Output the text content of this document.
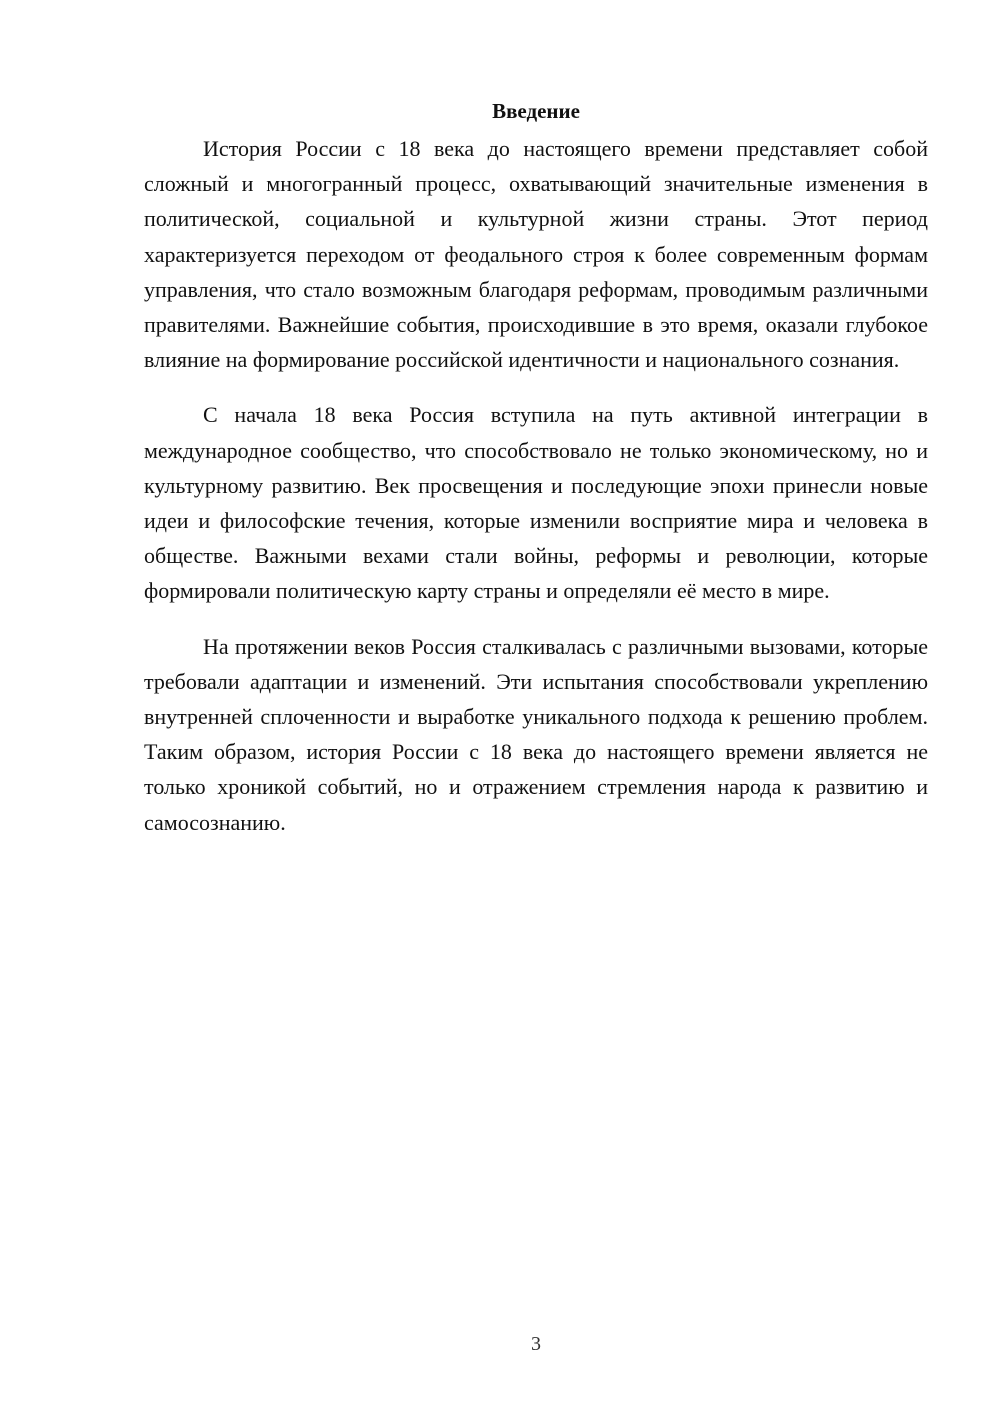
Введение

История России с 18 века до настоящего времени представляет собой сложный и многогранный процесс, охватывающий значительные изменения в политической, социальной и культурной жизни страны. Этот период характеризуется переходом от феодального строя к более современным формам управления, что стало возможным благодаря реформам, проводимым различными правителями. Важнейшие события, происходившие в это время, оказали глубокое влияние на формирование российской идентичности и национального сознания.

С начала 18 века Россия вступила на путь активной интеграции в международное сообщество, что способствовало не только экономическому, но и культурному развитию. Век просвещения и последующие эпохи принесли новые идеи и философские течения, которые изменили восприятие мира и человека в обществе. Важными вехами стали войны, реформы и революции, которые формировали политическую карту страны и определяли её место в мире.

На протяжении веков Россия сталкивалась с различными вызовами, которые требовали адаптации и изменений. Эти испытания способствовали укреплению внутренней сплоченности и выработке уникального подхода к решению проблем. Таким образом, история России с 18 века до настоящего времени является не только хроникой событий, но и отражением стремления народа к развитию и самосознанию.

3
